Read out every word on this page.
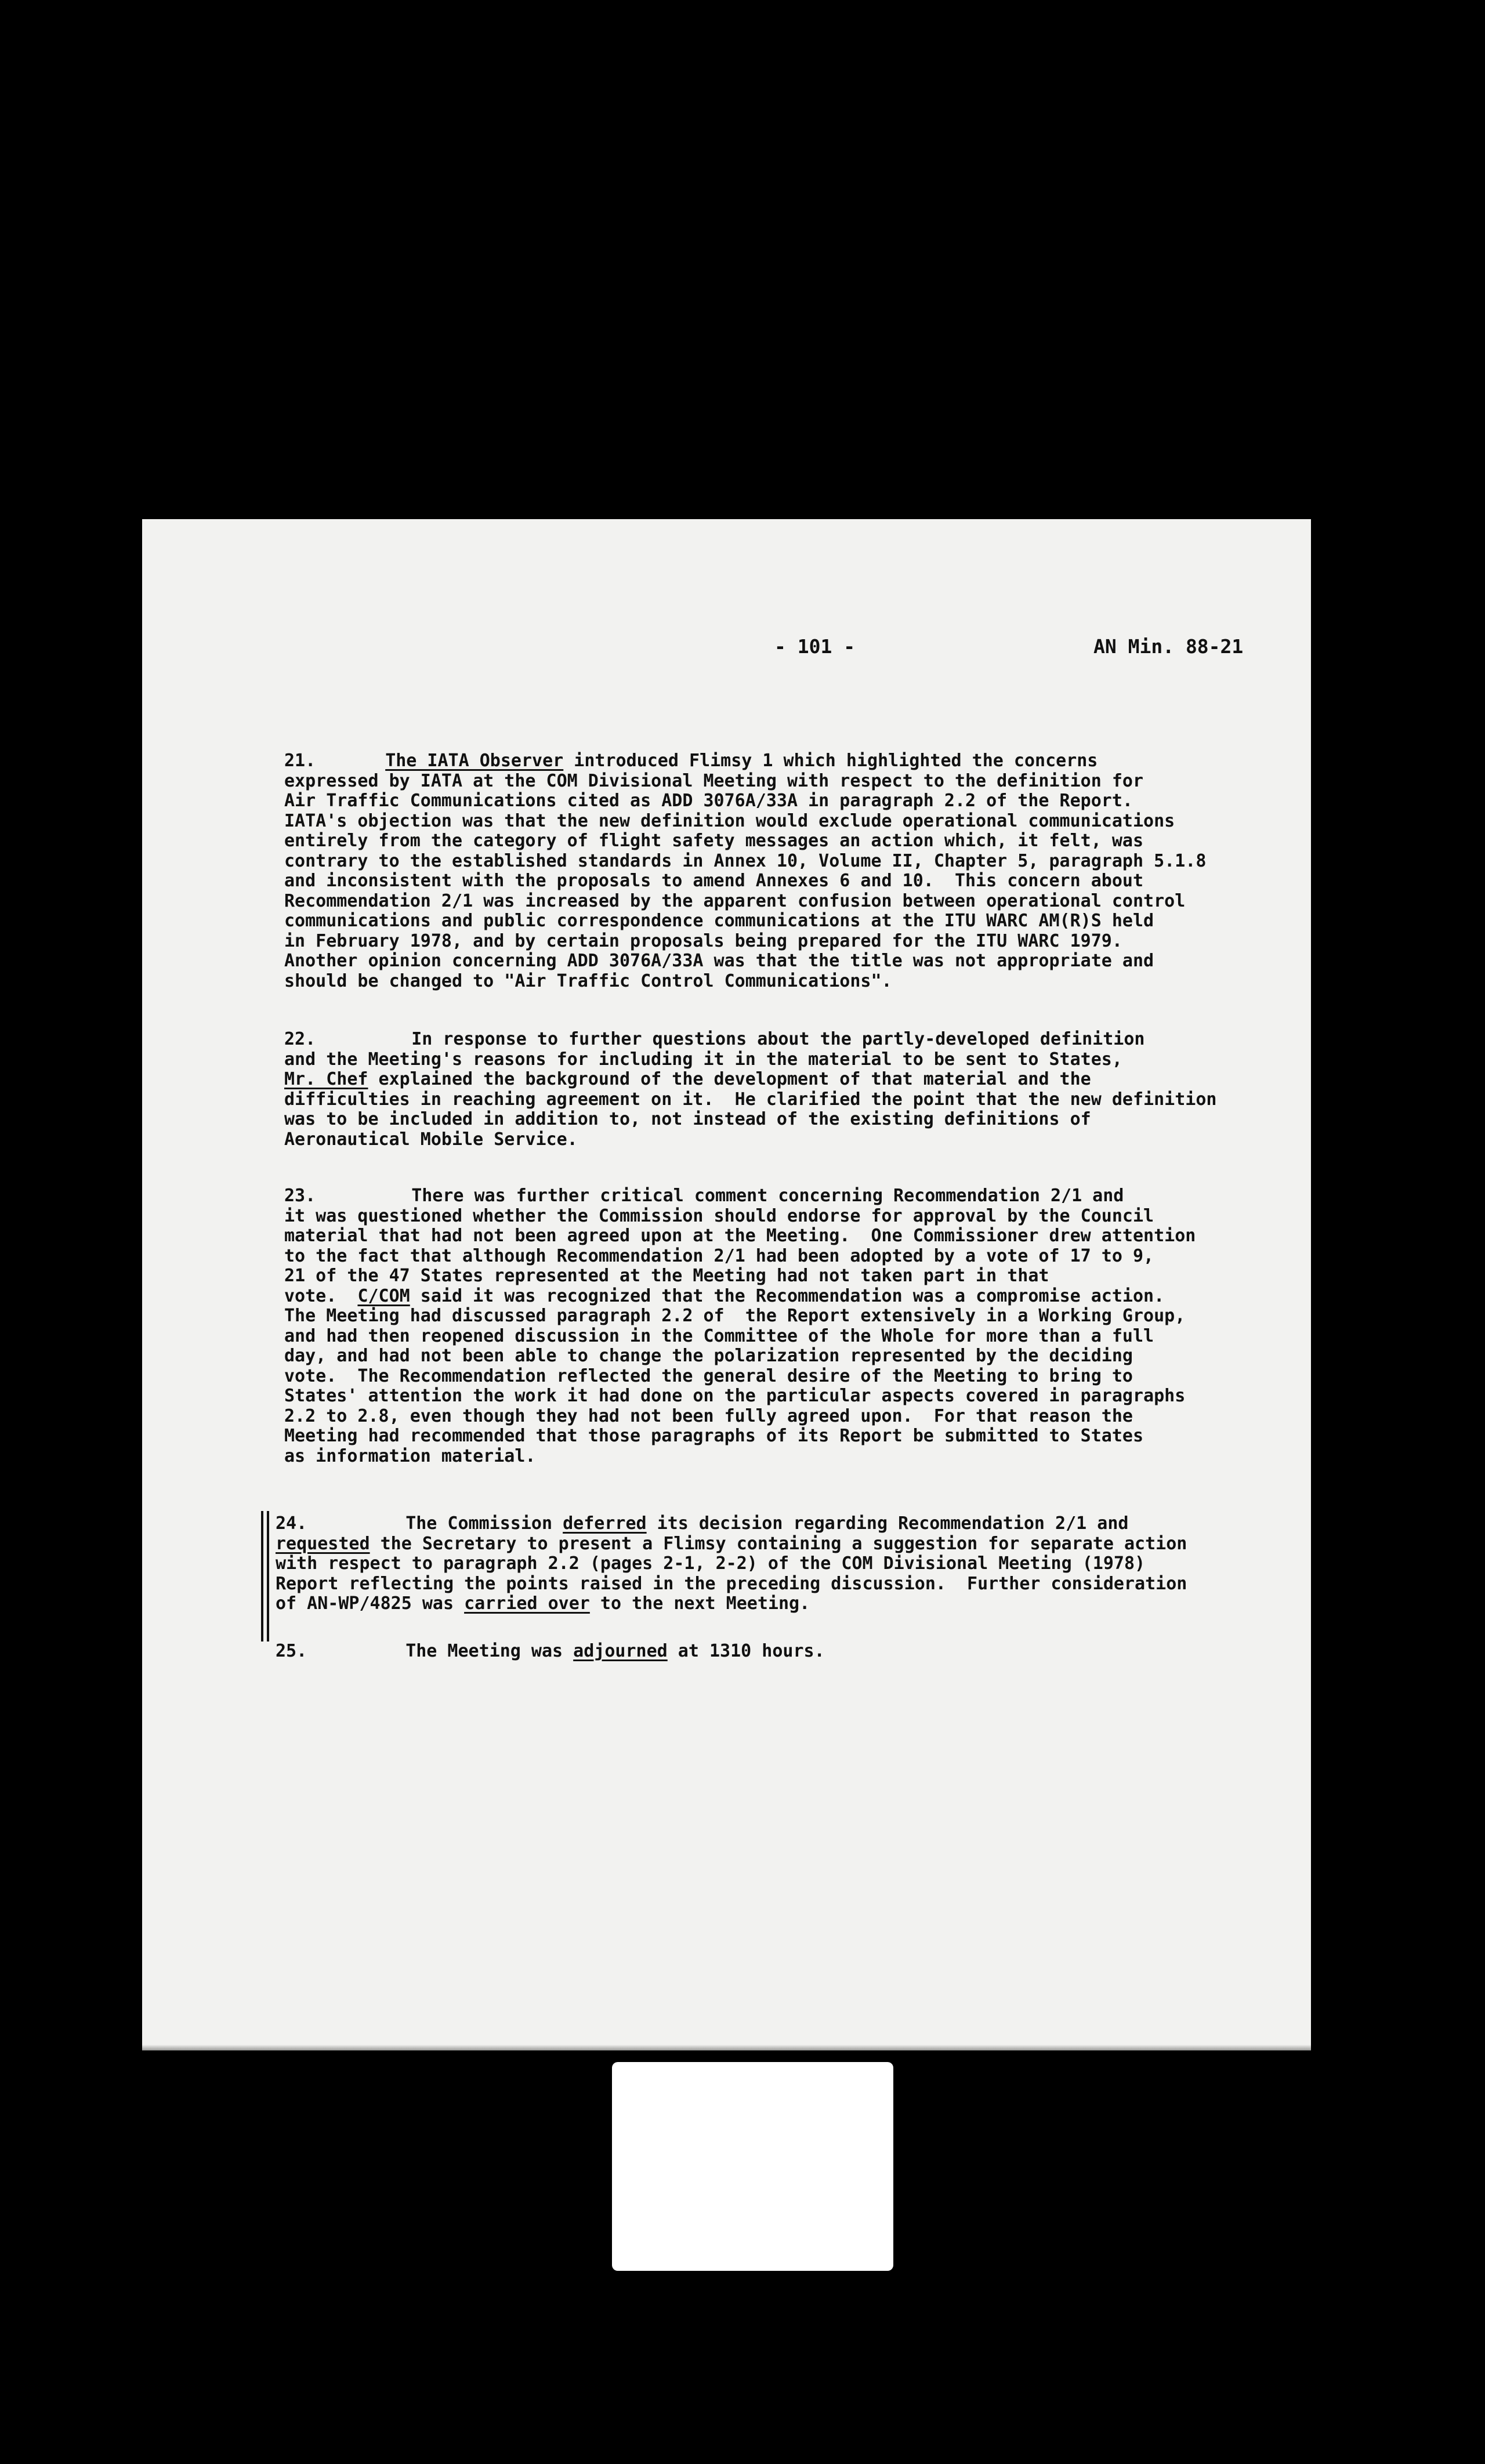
- 101 -	AN Min. 88-21
21.	The IATA Observer introduced Flimsy 1 which highlighted the concerns
expressed by IATA at the COM Divisional Meeting with respect to the definition for
Air Traffic Communications cited as ADD 3076A/33A in paragraph 2.2 of the Report.
IATA's objection was that the new definition would exclude operational communications
entirely from the category of flight safety messages an action which, it felt, was
contrary to the established standards in Annex 10, Volume II, Chapter 5, paragraph 5.1.8
and inconsistent with the proposals to amend Annexes 6 and 10.  This concern about
Recommendation 2/1 was increased by the apparent confusion between operational control
communications and public correspondence communications at the ITU WARC AM(R)S held
in February 1978, and by certain proposals being prepared for the ITU WARC 1979.
Another opinion concerning ADD 3076A/33A was that the title was not appropriate and
should be changed to "Air Traffic Control Communications".
22.	In response to further questions about the partly-developed definition
and the Meeting's reasons for including it in the material to be sent to States,
Mr. Chef explained the background of the development of that material and the
difficulties in reaching agreement on it.  He clarified the point that the new definition
was to be included in addition to, not instead of the existing definitions of
Aeronautical Mobile Service.
23.	There was further critical comment concerning Recommendation 2/1 and
it was questioned whether the Commission should endorse for approval by the Council
material that had not been agreed upon at the Meeting.  One Commissioner drew attention
to the fact that although Recommendation 2/1 had been adopted by a vote of 17 to 9,
21 of the 47 States represented at the Meeting had not taken part in that
vote.  C/COM said it was recognized that the Recommendation was a compromise action.
The Meeting had discussed paragraph 2.2 of  the Report extensively in a Working Group,
and had then reopened discussion in the Committee of the Whole for more than a full
day, and had not been able to change the polarization represented by the deciding
vote.  The Recommendation reflected the general desire of the Meeting to bring to
States' attention the work it had done on the particular aspects covered in paragraphs
2.2 to 2.8, even though they had not been fully agreed upon.  For that reason the
Meeting had recommended that those paragraphs of its Report be submitted to States
as information material.
24.	The Commission deferred its decision regarding Recommendation 2/1 and
requested the Secretary to present a Flimsy containing a suggestion for separate action
with respect to paragraph 2.2 (pages 2-1, 2-2) of the COM Divisional Meeting (1978)
Report reflecting the points raised in the preceding discussion.  Further consideration
of AN-WP/4825 was carried over to the next Meeting.
25.	The Meeting was adjourned at 1310 hours.
